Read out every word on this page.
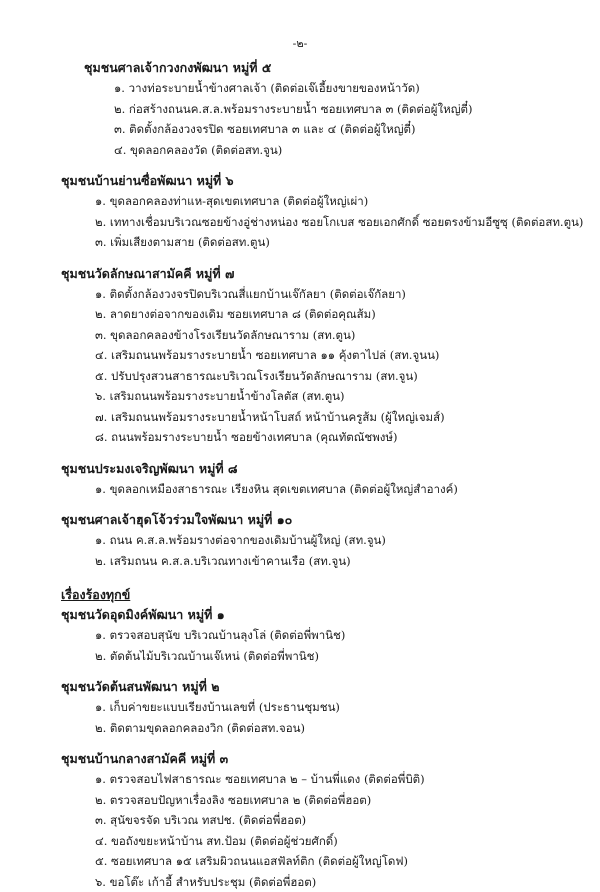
-๒-

ชุมชนศาลเจ้ากวงกงพัฒนา หมู่ที่ ๕

๑. วางท่อระบายน้ำข้างศาลเจ้า (ติดต่อเจ๊เอี้ยงขายของหน้าวัด)
๒. ก่อสร้างถนนค.ส.ล.พร้อมรางระบายน้ำ ซอยเทศบาล ๓ (ติดต่อผู้ใหญ่ตี๋)
๓. ติดตั้งกล้องวงจรปิด ซอยเทศบาล ๓ และ ๔ (ติดต่อผู้ใหญ่ตี๋)
๔. ขุดลอกคลองวัด (ติดต่อสท.จูน)

ชุมชนบ้านย่านซื่อพัฒนา หมู่ที่ ๖

๑. ขุดลอกคลองท่าแห-สุดเขตเทศบาล (ติดต่อผู้ใหญ่เผ่า)
๒. เททางเชื่อมบริเวณซอยข้างอู่ช่างหน่อง ซอยโกเบส ซอยเอกศักดิ์ ซอยตรงข้ามอีซูซุ (ติดต่อสท.ตูน)
๓. เพิ่มเสียงตามสาย (ติดต่อสท.ตูน)

ชุมชนวัดลักษณาสามัคคี หมู่ที่ ๗

๑. ติดตั้งกล้องวงจรปิดบริเวณสี่แยกบ้านเจ๊กัลยา (ติดต่อเจ๊กัลยา)
๒. ลาดยางต่อจากของเดิม ซอยเทศบาล ๘ (ติดต่อคุณส้ม)
๓. ขุดลอกคลองข้างโรงเรียนวัดลักษณาราม (สท.ตูน)
๔. เสริมถนนพร้อมรางระบายน้ำ ซอยเทศบาล ๑๑ คุ้งตาไปล่ (สท.จูนน)
๕. ปรับปรุงสวนสาธารณะบริเวณโรงเรียนวัดลักษณาราม (สท.จูน)
๖. เสริมถนนพร้อมรางระบายน้ำข้างโลตัส (สท.ตูน)
๗. เสริมถนนพร้อมรางระบายน้ำหน้าโบสถ์ หน้าบ้านครูส้ม (ผู้ใหญ่เจมส์)
๘. ถนนพร้อมรางระบายน้ำ ซอยข้างเทศบาล (คุณทัตณัชพงษ์)

ชุมชนประมงเจริญพัฒนา หมู่ที่ ๘

๑. ขุดลอกเหมืองสาธารณะ เรียงหิน สุดเขตเทศบาล (ติดต่อผู้ใหญ่สำอางค์)

ชุมชนศาลเจ้าฮุดโจ้วร่วมใจพัฒนา หมู่ที่ ๑๐

๑. ถนน ค.ส.ล.พร้อมรางต่อจากของเดิมบ้านผู้ใหญ่ (สท.จูน)
๒. เสริมถนน ค.ส.ล.บริเวณทางเข้าคานเรือ (สท.จูน)

เรื่องร้องทุกข์

ชุมชนวัดอุดมิงค์พัฒนา หมู่ที่ ๑

๑. ตรวจสอบสุนัข บริเวณบ้านลุงโล่ (ติดต่อพี่พานิช)
๒. ตัดต้นไม้บริเวณบ้านเจ๊เหน่ (ติดต่อพี่พานิช)

ชุมชนวัดต้นสนพัฒนา หมู่ที่ ๒

๑. เก็บค่าขยะแบบเรียงบ้านเลขที่ (ประธานชุมชน)
๒. ติดตามขุดลอกคลองวิก (ติดต่อสท.จอน)

ชุมชนบ้านกลางสามัคคี หมู่ที่ ๓

๑. ตรวจสอบไฟสาธารณะ ซอยเทศบาล ๒ – บ้านพี่แดง (ติดต่อพี่บิติ)
๒. ตรวจสอบปัญหาเรื่องลิง ซอยเทศบาล ๒ (ติดต่อพี่ฮอต)
๓. สุนัขจรจัด บริเวณ ทสปช. (ติดต่อพี่ฮอต)
๔. ขอถังขยะหน้าบ้าน สท.ป้อม (ติดต่อผู้ช่วยศักดิ์)
๕. ซอยเทศบาล ๑๕ เสริมผิวถนนแอสฟัลท์ติก (ติดต่อผู้ใหญ่โดฟ)
๖. ขอโต๊ะ เก้าอี้ สำหรับประชุม (ติดต่อพี่ฮอต)
